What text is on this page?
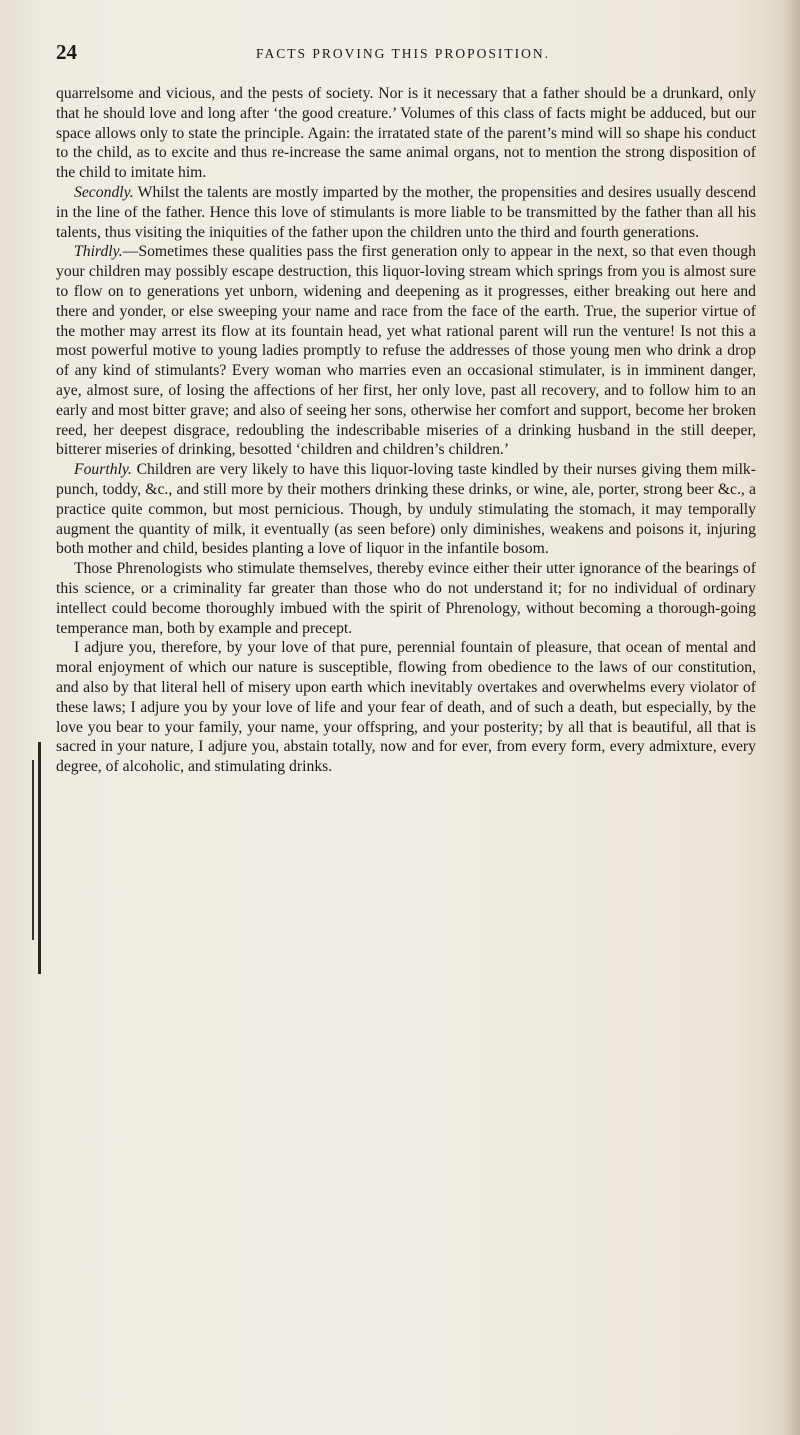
24	FACTS PROVING THIS PROPOSITION.

quarrelsome and vicious, and the pests of society. Nor is it necessary that a father should be a drunkard, only that he should love and long after ‘the good creature.’ Volumes of this class of facts might be adduced, but our space allows only to state the principle. Again: the irratated state of the parent’s mind will so shape his conduct to the child, as to excite and thus re-increase the same animal organs, not to mention the strong disposition of the child to imitate him.

Secondly. Whilst the talents are mostly imparted by the mother, the propensities and desires usually descend in the line of the father. Hence this love of stimulants is more liable to be transmitted by the father than all his talents, thus visiting the iniquities of the father upon the children unto the third and fourth generations.

Thirdly.—Sometimes these qualities pass the first generation only to appear in the next, so that even though your children may possibly escape destruction, this liquor-loving stream which springs from you is almost sure to flow on to generations yet unborn, widening and deepening as it progresses, either breaking out here and there and yonder, or else sweeping your name and race from the face of the earth. True, the superior virtue of the mother may arrest its flow at its fountain head, yet what rational parent will run the venture! Is not this a most powerful motive to young ladies promptly to refuse the addresses of those young men who drink a drop of any kind of stimulants? Every woman who marries even an occasional stimulater, is in imminent danger, aye, almost sure, of losing the affections of her first, her only love, past all recovery, and to follow him to an early and most bitter grave; and also of seeing her sons, otherwise her comfort and support, become her broken reed, her deepest disgrace, redoubling the indescribable miseries of a drinking husband in the still deeper, bitterer miseries of drinking, besotted ‘children and children’s children.’

Fourthly. Children are very likely to have this liquor-loving taste kindled by their nurses giving them milk-punch, toddy, &c., and still more by their mothers drinking these drinks, or wine, ale, porter, strong beer &c., a practice quite common, but most pernicious. Though, by unduly stimulating the stomach, it may temporally augment the quantity of milk, it eventually (as seen before) only diminishes, weakens and poisons it, injuring both mother and child, besides planting a love of liquor in the infantile bosom.

Those Phrenologists who stimulate themselves, thereby evince either their utter ignorance of the bearings of this science, or a criminality far greater than those who do not understand it; for no individual of ordinary intellect could become thoroughly imbued with the spirit of Phrenology, without becoming a thorough-going temperance man, both by example and precept.

I adjure you, therefore, by your love of that pure, perennial fountain of pleasure, that ocean of mental and moral enjoyment of which our nature is susceptible, flowing from obedience to the laws of our constitution, and also by that literal hell of misery upon earth which inevitably overtakes and overwhelms every violator of these laws; I adjure you by your love of life and your fear of death, and of such a death, but especially, by the love you bear to your family, your name, your offspring, and your posterity; by all that is beautiful, all that is sacred in your nature, I adjure you, abstain totally, now and for ever, from every form, every admixture, every degree, of alcoholic, and stimulating drinks.
